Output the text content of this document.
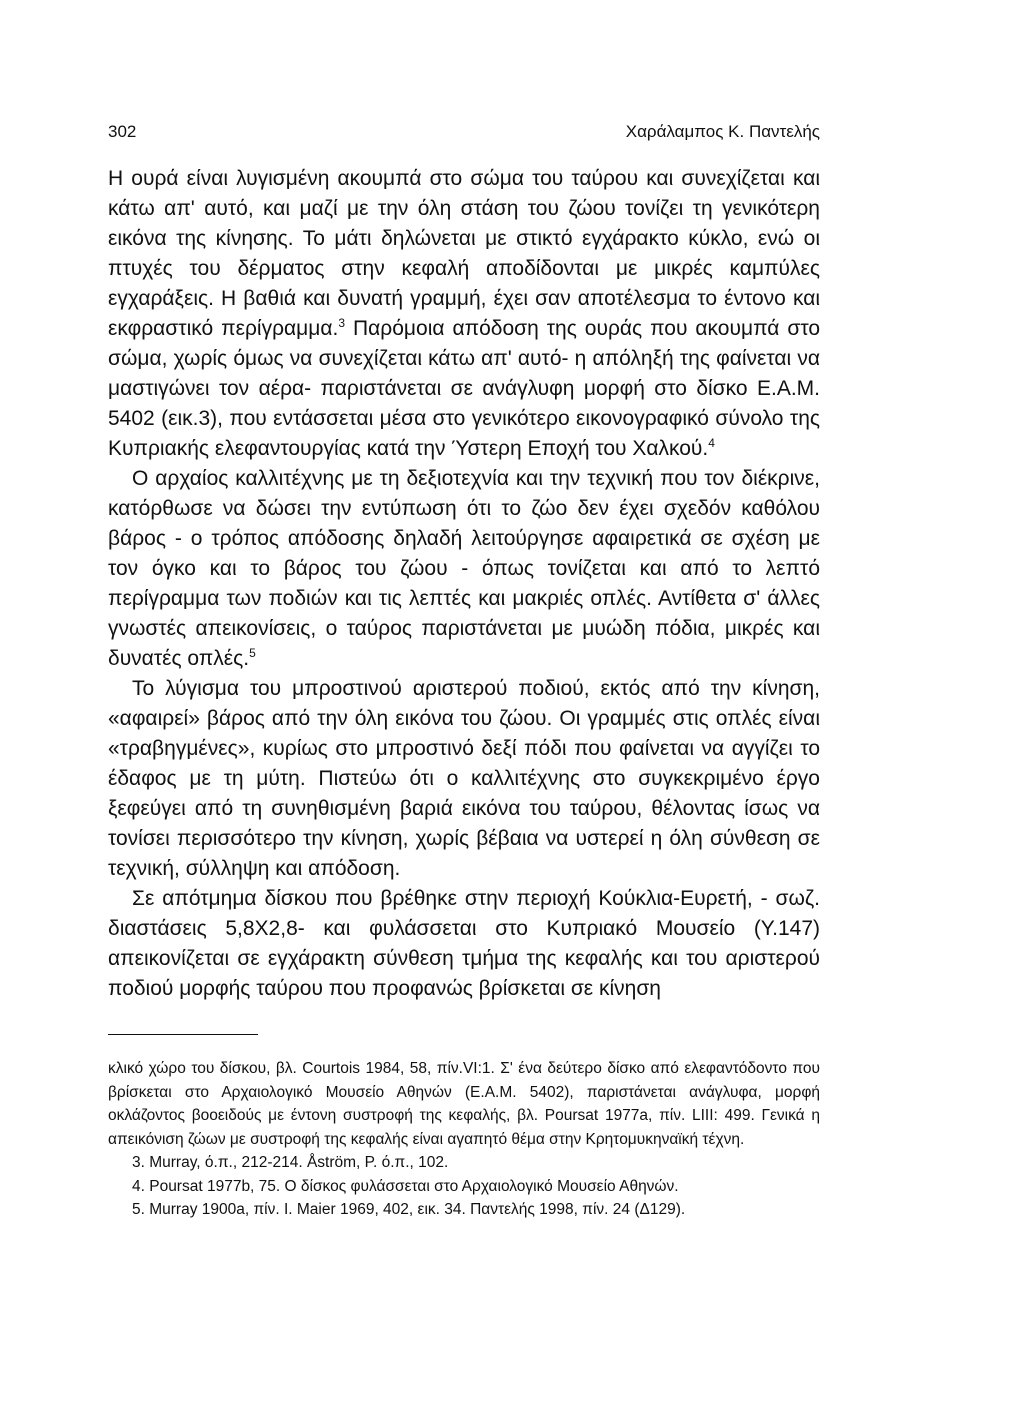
302	Χαράλαμπος Κ. Παντελής

Η ουρά είναι λυγισμένη ακουμπά στο σώμα του ταύρου και συνεχίζεται και κάτω απ' αυτό, και μαζί με την όλη στάση του ζώου τονίζει τη γενικότερη εικόνα της κίνησης. Το μάτι δηλώνεται με στικτό εγχάρακτο κύκλο, ενώ οι πτυχές του δέρματος στην κεφαλή αποδίδονται με μικρές καμπύλες εγχαράξεις. Η βαθιά και δυνατή γραμμή, έχει σαν αποτέλεσμα το έντονο και εκφραστικό περίγραμμα.$^3$ Παρόμοια απόδοση της ουράς που ακουμπά στο σώμα, χωρίς όμως να συνεχίζεται κάτω απ' αυτό- η απόληξή της φαίνεται να μαστιγώνει τον αέρα- παριστάνεται σε ανάγλυφη μορφή στο δίσκο Ε.Α.Μ. 5402 (εικ.3), που εντάσσεται μέσα στο γενικότερο εικονογραφικό σύνολο της Κυπριακής ελεφαντουργίας κατά την Ύστερη Εποχή του Χαλκού.$^4$

Ο αρχαίος καλλιτέχνης με τη δεξιοτεχνία και την τεχνική που τον διέκρινε, κατόρθωσε να δώσει την εντύπωση ότι το ζώο δεν έχει σχεδόν καθόλου βάρος - ο τρόπος απόδοσης δηλαδή λειτούργησε αφαιρετικά σε σχέση με τον όγκο και το βάρος του ζώου - όπως τονίζεται και από το λεπτό περίγραμμα των ποδιών και τις λεπτές και μακριές οπλές. Αντίθετα σ' άλλες γνωστές απεικονίσεις, ο ταύρος παριστάνεται με μυώδη πόδια, μικρές και δυνατές οπλές.$^5$

Το λύγισμα του μπροστινού αριστερού ποδιού, εκτός από την κίνηση, «αφαιρεί» βάρος από την όλη εικόνα του ζώου. Οι γραμμές στις οπλές είναι «τραβηγμένες», κυρίως στο μπροστινό δεξί πόδι που φαίνεται να αγγίζει το έδαφος με τη μύτη. Πιστεύω ότι ο καλλιτέχνης στο συγκεκριμένο έργο ξεφεύγει από τη συνηθισμένη βαριά εικόνα του ταύρου, θέλοντας ίσως να τονίσει περισσότερο την κίνηση, χωρίς βέβαια να υστερεί η όλη σύνθεση σε τεχνική, σύλληψη και απόδοση.

Σε απότμημα δίσκου που βρέθηκε στην περιοχή Κούκλια-Ευρετή, - σωζ. διαστάσεις 5,8Χ2,8- και φυλάσσεται στο Κυπριακό Μουσείο (Υ.147) απεικονίζεται σε εγχάρακτη σύνθεση τμήμα της κεφαλής και του αριστερού ποδιού μορφής ταύρου που προφανώς βρίσκεται σε κίνηση

κλικό χώρο του δίσκου, βλ. Courtois 1984, 58, πίν.VI:1. Σ' ένα δεύτερο δίσκο από ελεφαντόδοντο που βρίσκεται στο Αρχαιολογικό Μουσείο Αθηνών (Ε.Α.Μ. 5402), παριστάνεται ανάγλυφα, μορφή οκλάζοντος βοοειδούς με έντονη συστροφή της κεφαλής, βλ. Poursat 1977a, πίν. LIII: 499. Γενικά η απεικόνιση ζώων με συστροφή της κεφαλής είναι αγαπητό θέμα στην Κρητομυκηναϊκή τέχνη.

3. Murray, ό.π., 212-214. Åström, Ρ. ό.π., 102.

4. Poursat 1977b, 75. Ο δίσκος φυλάσσεται στο Αρχαιολογικό Μουσείο Αθηνών.

5. Murray 1900a, πίν. I. Maier 1969, 402, εικ. 34. Παντελής 1998, πίν. 24 (Δ129).
